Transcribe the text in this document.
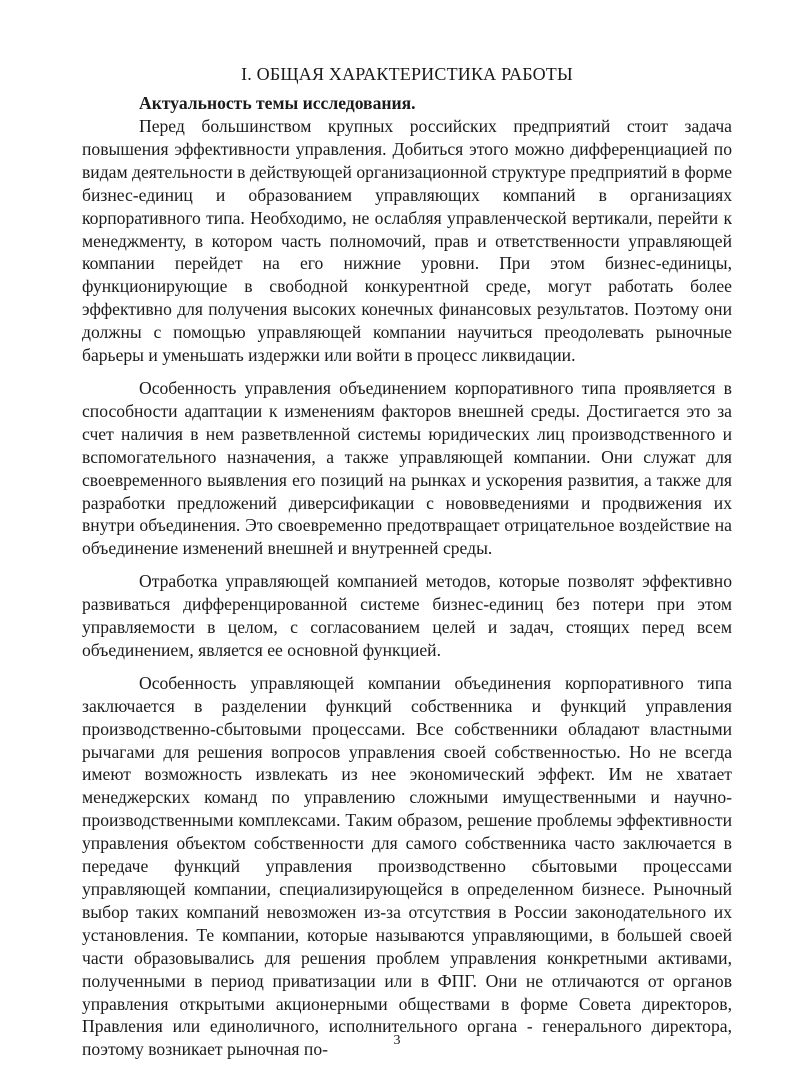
I. ОБЩАЯ ХАРАКТЕРИСТИКА РАБОТЫ
Актуальность темы исследования.

Перед большинством крупных российских предприятий стоит задача повышения эффективности управления. Добиться этого можно дифференциацией по видам деятельности в действующей организационной структуре предприятий в форме бизнес-единиц и образованием управляющих компаний в организациях корпоративного типа. Необходимо, не ослабляя управленческой вертикали, перейти к менеджменту, в котором часть полномочий, прав и ответственности управляющей компании перейдет на его нижние уровни. При этом бизнес-единицы, функционирующие в свободной конкурентной среде, могут работать более эффективно для получения высоких конечных финансовых результатов. Поэтому они должны с помощью управляющей компании научиться преодолевать рыночные барьеры и уменьшать издержки или войти в процесс ликвидации.

Особенность управления объединением корпоративного типа проявляется в способности адаптации к изменениям факторов внешней среды. Достигается это за счет наличия в нем разветвленной системы юридических лиц производственного и вспомогательного назначения, а также управляющей компании. Они служат для своевременного выявления его позиций на рынках и ускорения развития, а также для разработки предложений диверсификации с нововведениями и продвижения их внутри объединения. Это своевременно предотвращает отрицательное воздействие на объединение изменений внешней и внутренней среды.

Отработка управляющей компанией методов, которые позволят эффективно развиваться дифференцированной системе бизнес-единиц без потери при этом управляемости в целом, с согласованием целей и задач, стоящих перед всем объединением, является ее основной функцией.

Особенность управляющей компании объединения корпоративного типа заключается в разделении функций собственника и функций управления производственно-сбытовыми процессами. Все собственники обладают властными рычагами для решения вопросов управления своей собственностью. Но не всегда имеют возможность извлекать из нее экономический эффект. Им не хватает менеджерских команд по управлению сложными имущественными и научно-производственными комплексами. Таким образом, решение проблемы эффективности управления объектом собственности для самого собственника часто заключается в передаче функций управления производственно сбытовыми процессами управляющей компании, специализирующейся в определенном бизнесе. Рыночный выбор таких компаний невозможен из-за отсутствия в России законодательного их установления. Те компании, которые называются управляющими, в большей своей части образовывались для решения проблем управления конкретными активами, полученными в период приватизации или в ФПГ. Они не отличаются от органов управления открытыми акционерными обществами в форме Совета директоров, Правления или единоличного, исполнительного органа - генерального директора, поэтому возникает рыночная по-	3
